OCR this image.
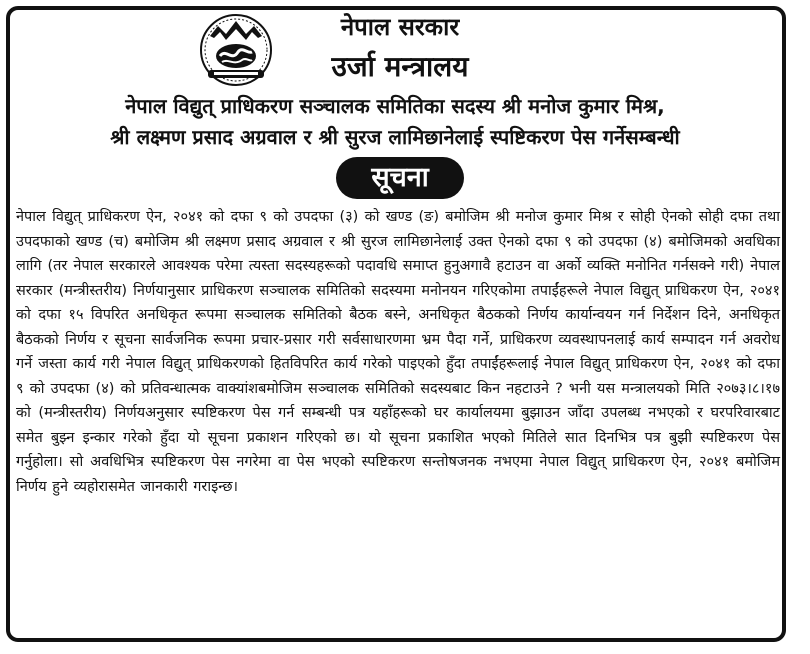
नेपाल सरकार
उर्जा मन्त्रालय
नेपाल विद्युत् प्राधिकरण सञ्चालक समितिका सदस्य श्री मनोज कुमार मिश्र,
श्री लक्ष्मण प्रसाद अग्रवाल र श्री सुरज लामिछानेलाई स्पष्टिकरण पेस गर्नेसम्बन्धी
सूचना
नेपाल विद्युत् प्राधिकरण ऐन, २०४१ को दफा ९ को उपदफा (३) को खण्ड (ङ) बमोजिम श्री मनोज कुमार मिश्र र सोही ऐनको सोही दफा तथा उपदफाको खण्ड (च) बमोजिम श्री लक्ष्मण प्रसाद अग्रवाल र श्री सुरज लामिछानेलाई उक्त ऐनको दफा ९ को उपदफा (४) बमोजिमको अवधिका लागि (तर नेपाल सरकारले आवश्यक परेमा त्यस्ता सदस्यहरूको पदावधि समाप्त हुनुअगावै हटाउन वा अर्को व्यक्ति मनोनित गर्नसक्ने गरी) नेपाल सरकार (मन्त्रीस्तरीय) निर्णयानुसार प्राधिकरण सञ्चालक समितिको सदस्यमा मनोनयन गरिएकोमा तपाईंहरूले नेपाल विद्युत् प्राधिकरण ऐन, २०४१ को दफा १५ विपरित अनधिकृत रूपमा सञ्चालक समितिको बैठक बस्ने, अनधिकृत बैठकको निर्णय कार्यान्वयन गर्न निर्देशन दिने, अनधिकृत बैठकको निर्णय र सूचना सार्वजनिक रूपमा प्रचार-प्रसार गरी सर्वसाधारणमा भ्रम पैदा गर्ने, प्राधिकरण व्यवस्थापनलाई कार्य सम्पादन गर्न अवरोध गर्ने जस्ता कार्य गरी नेपाल विद्युत् प्राधिकरणको हितविपरित कार्य गरेको पाइएको हुँदा तपाईंहरूलाई नेपाल विद्युत् प्राधिकरण ऐन, २०४१ को दफा ९ को उपदफा (४) को प्रतिवन्धात्मक वाक्यांशबमोजिम सञ्चालक समितिको सदस्यबाट किन नहटाउने ? भनी यस मन्त्रालयको मिति २०७३।८।१७ को (मन्त्रीस्तरीय) निर्णयअनुसार स्पष्टिकरण पेस गर्न सम्बन्धी पत्र यहाँहरूको घर कार्यालयमा बुझाउन जाँदा उपलब्ध नभएको र घरपरिवारबाट समेत बुझ्न इन्कार गरेको हुँदा यो सूचना प्रकाशन गरिएको छ। यो सूचना प्रकाशित भएको मितिले सात दिनभित्र पत्र बुझी स्पष्टिकरण पेस गर्नुहोला। सो अवधिभित्र स्पष्टिकरण पेस नगरेमा वा पेस भएको स्पष्टिकरण सन्तोषजनक नभएमा नेपाल विद्युत् प्राधिकरण ऐन, २०४१ बमोजिम निर्णय हुने व्यहोरासमेत जानकारी गराइन्छ।
